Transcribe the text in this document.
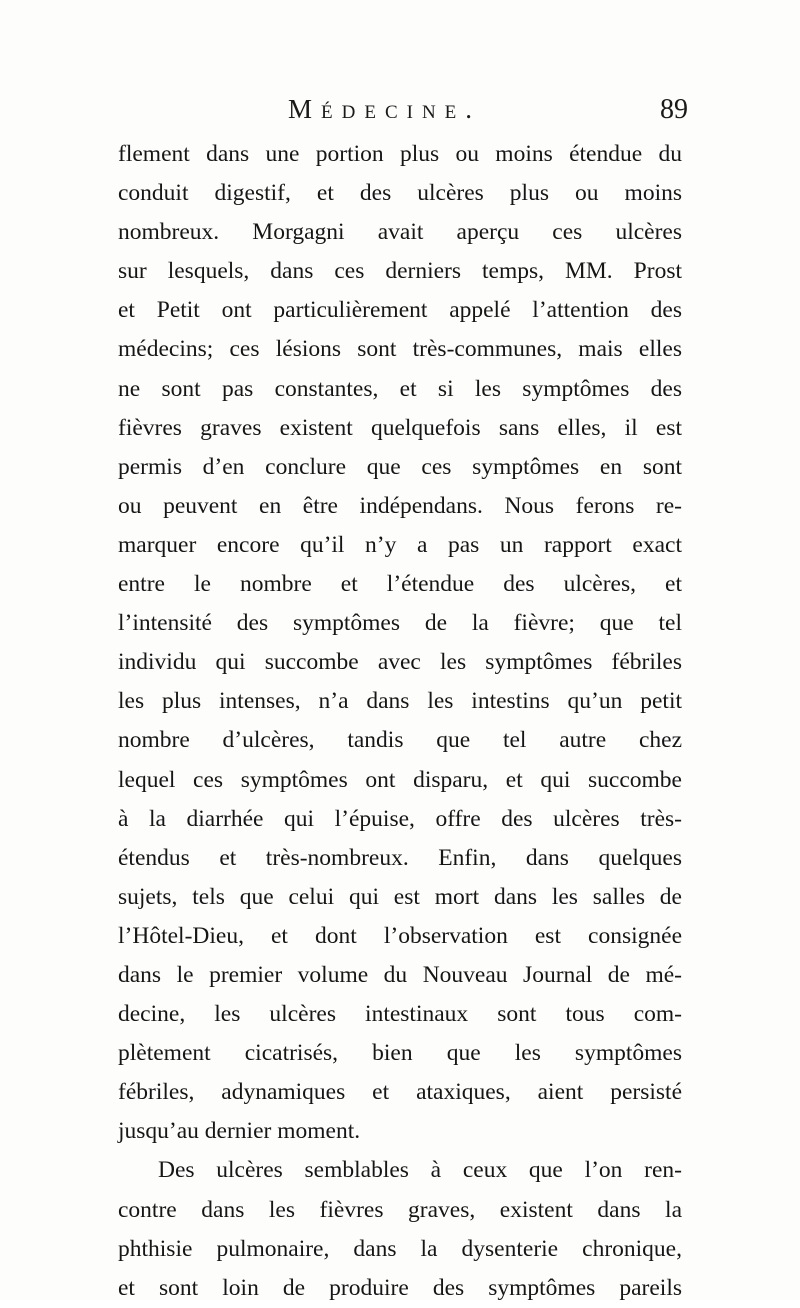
Médecine.	89
flement dans une portion plus ou moins étendue du
conduit digestif, et des ulcères plus ou moins
nombreux. Morgagni avait aperçu ces ulcères
sur lesquels, dans ces derniers temps, MM. Prost
et Petit ont particulièrement appelé l’attention des
médecins; ces lésions sont très-communes, mais elles
ne sont pas constantes, et si les symptômes des
fièvres graves existent quelquefois sans elles, il est
permis d’en conclure que ces symptômes en sont
ou peuvent en être indépendans. Nous ferons re-
marquer encore qu’il n’y a pas un rapport exact
entre le nombre et l’étendue des ulcères, et
l’intensité des symptômes de la fièvre; que tel
individu qui succombe avec les symptômes fébriles
les plus intenses, n’a dans les intestins qu’un petit
nombre d’ulcères, tandis que tel autre chez
lequel ces symptômes ont disparu, et qui succombe
à la diarrhée qui l’épuise, offre des ulcères très-
étendus et très-nombreux. Enfin, dans quelques
sujets, tels que celui qui est mort dans les salles de
l’Hôtel-Dieu, et dont l’observation est consignée
dans le premier volume du Nouveau Journal de mé-
decine, les ulcères intestinaux sont tous com-
plètement cicatrisés, bien que les symptômes
fébriles, adynamiques et ataxiques, aient persisté
jusqu’au dernier moment.
Des ulcères semblables à ceux que l’on ren-
contre dans les fièvres graves, existent dans la
phthisie pulmonaire, dans la dysenterie chronique,
et sont loin de produire des symptômes pareils
